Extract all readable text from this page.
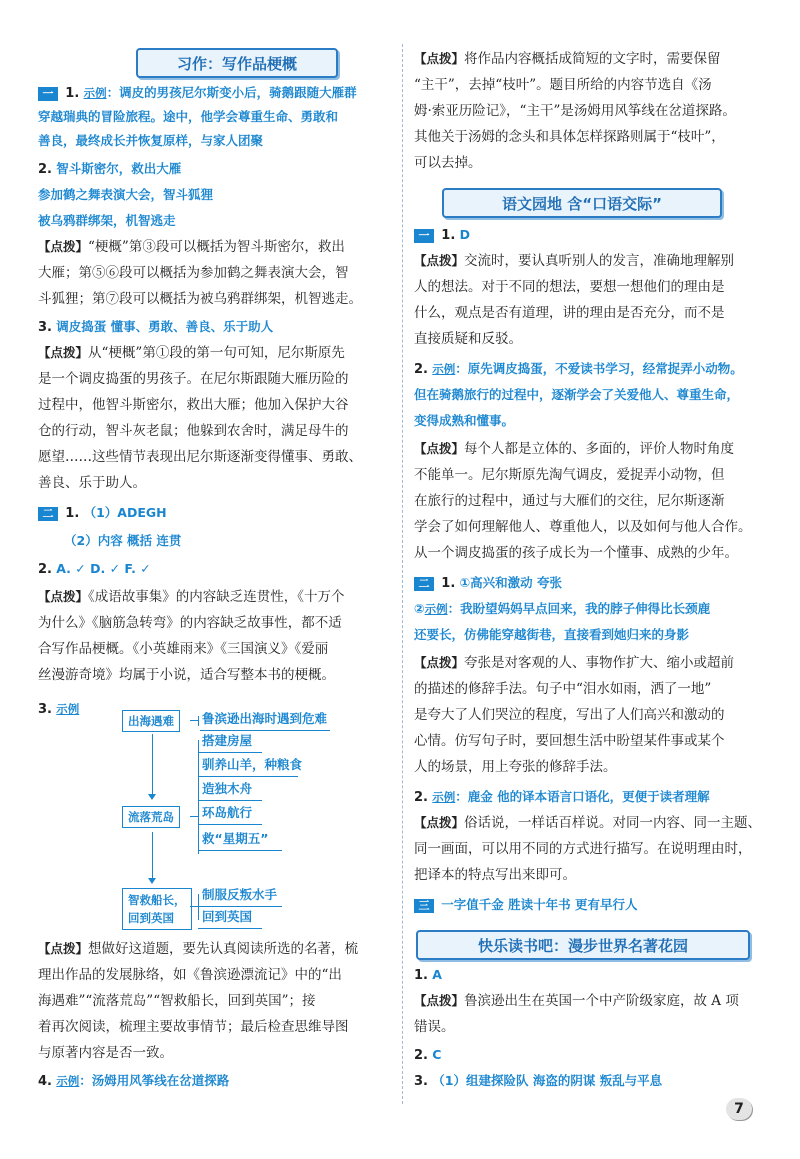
习作：写作品梗概
一 1. 示例：调皮的男孩尼尔斯变小后，骑鹅跟随大雁群
穿越瑞典的冒险旅程。途中，他学会尊重生命、勇敢和
善良，最终成长并恢复原样，与家人团聚
2. 智斗斯密尔，救出大雁
参加鹤之舞表演大会，智斗狐狸
被乌鸦群绑架，机智逃走
【点拨】“梗概”第③段可以概括为智斗斯密尔，救出
大雁；第⑤⑥段可以概括为参加鹤之舞表演大会，智
斗狐狸；第⑦段可以概括为被乌鸦群绑架，机智逃走。
3. 调皮捣蛋 懂事、勇敢、善良、乐于助人
【点拨】从“梗概”第①段的第一句可知，尼尔斯原先
是一个调皮捣蛋的男孩子。在尼尔斯跟随大雁历险的
过程中，他智斗斯密尔，救出大雁；他加入保护大谷
仓的行动，智斗灰老鼠；他躲到农舍时，满足母牛的
愿望……这些情节表现出尼尔斯逐渐变得懂事、勇敢、
善良、乐于助人。
二 1. （1）ADEGH
（2）内容 概括 连贯
2. A. ✓ D. ✓ F. ✓
【点拨】《成语故事集》的内容缺乏连贯性，《十万个
为什么》《脑筋急转弯》的内容缺乏故事性，都不适
合写作品梗概。《小英雄雨来》《三国演义》《爱丽
丝漫游奇境》均属于小说，适合写整本书的梗概。
3. 示例
出海遇难	鲁滨逊出海时遇到危难
流落荒岛
搭建房屋
驯养山羊，种粮食
造独木舟
环岛航行
救“星期五”
智救船长，
回到英国
制服反叛水手
回到英国
【点拨】想做好这道题，要先认真阅读所选的名著，梳
理出作品的发展脉络，如《鲁滨逊漂流记》中的“出
海遇难”“流落荒岛”“智救船长，回到英国”；接
着再次阅读，梳理主要故事情节；最后检查思维导图
与原著内容是否一致。
4. 示例：汤姆用风筝线在岔道探路
【点拨】将作品内容概括成简短的文字时，需要保留
“主干”，去掉“枝叶”。题目所给的内容节选自《汤
姆·索亚历险记》，“主干”是汤姆用风筝线在岔道探路。
其他关于汤姆的念头和具体怎样探路则属于“枝叶”，
可以去掉。
语文园地 含“口语交际”
一 1. D
【点拨】交流时，要认真听别人的发言，准确地理解别
人的想法。对于不同的想法，要想一想他们的理由是
什么，观点是否有道理，讲的理由是否充分，而不是
直接质疑和反驳。
2. 示例：原先调皮捣蛋，不爱读书学习，经常捉弄小动物。
但在骑鹅旅行的过程中，逐渐学会了关爱他人、尊重生命，
变得成熟和懂事。
【点拨】每个人都是立体的、多面的，评价人物时角度
不能单一。尼尔斯原先淘气调皮，爱捉弄小动物，但
在旅行的过程中，通过与大雁们的交往，尼尔斯逐渐
学会了如何理解他人、尊重他人，以及如何与他人合作。
从一个调皮捣蛋的孩子成长为一个懂事、成熟的少年。
二 1. ①高兴和激动 夸张
②示例：我盼望妈妈早点回来，我的脖子伸得比长颈鹿
还要长，仿佛能穿越街巷，直接看到她归来的身影
【点拨】夸张是对客观的人、事物作扩大、缩小或超前
的描述的修辞手法。句子中“泪水如雨，洒了一地”
是夸大了人们哭泣的程度，写出了人们高兴和激动的
心情。仿写句子时，要回想生活中盼望某件事或某个
人的场景，用上夸张的修辞手法。
2. 示例：鹿金 他的译本语言口语化，更便于读者理解
【点拨】俗话说，一样话百样说。对同一内容、同一主题、
同一画面，可以用不同的方式进行描写。在说明理由时，
把译本的特点写出来即可。
三 一字值千金 胜读十年书 更有早行人
快乐读书吧：漫步世界名著花园
1. A
【点拨】鲁滨逊出生在英国一个中产阶级家庭，故 A 项
错误。
2. C
3. （1）组建探险队 海盗的阴谋 叛乱与平息
7
